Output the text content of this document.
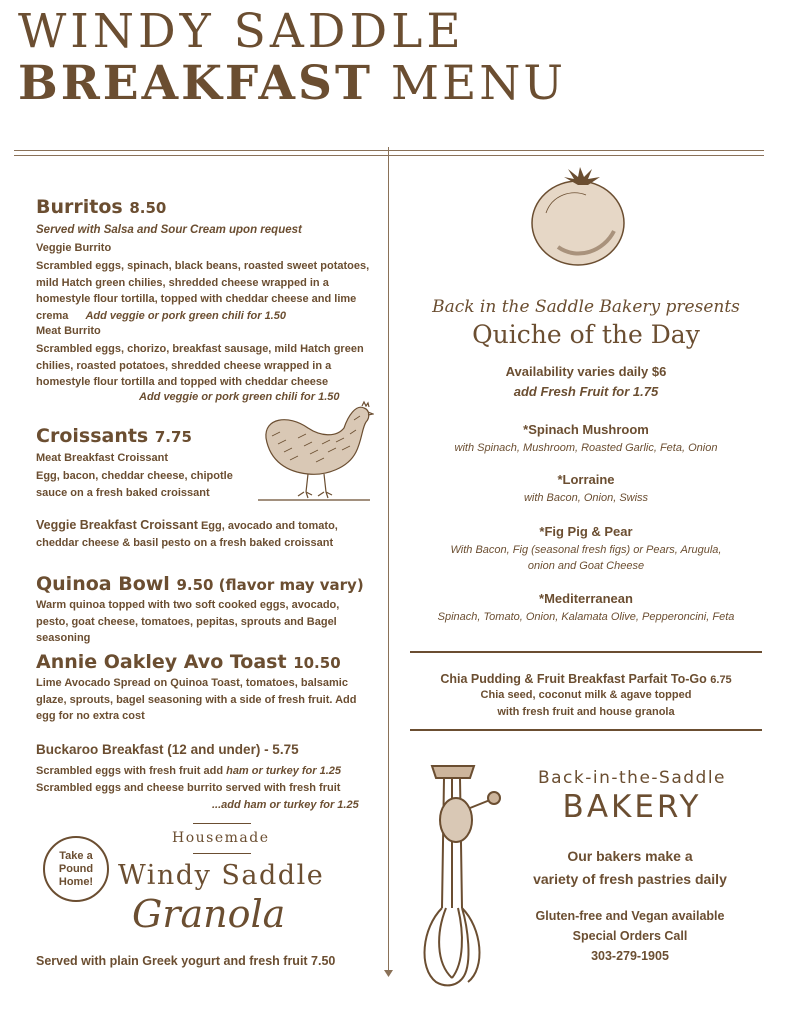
WINDY SADDLE
BREAKFAST MENU
Burritos 8.50
Served with Salsa and Sour Cream upon request
Veggie Burrito
Scrambled eggs, spinach, black beans, roasted sweet potatoes, mild Hatch green chilies, shredded cheese wrapped in a homestyle flour tortilla, topped with cheddar cheese and lime crema Add veggie or pork green chili for 1.50
Meat Burrito
Scrambled eggs, chorizo, breakfast sausage, mild Hatch green chilies, roasted potatoes, shredded cheese wrapped in a homestyle flour tortilla and topped with cheddar cheese
Add veggie or pork green chili for 1.50
Croissants 7.75
Meat Breakfast Croissant
Egg, bacon, cheddar cheese, chipotle sauce on a fresh baked croissant
Veggie Breakfast Croissant Egg, avocado and tomato, cheddar cheese & basil pesto on a fresh baked croissant
Quinoa Bowl 9.50 (flavor may vary)
Warm quinoa topped with two soft cooked eggs, avocado, pesto, goat cheese, tomatoes, pepitas, sprouts and Bagel seasoning
Annie Oakley Avo Toast 10.50
Lime Avocado Spread on Quinoa Toast, tomatoes, balsamic glaze, sprouts, bagel seasoning with a side of fresh fruit. Add egg for no extra cost
Buckaroo Breakfast (12 and under) - 5.75
Scrambled eggs with fresh fruit add ham or turkey for 1.25
Scrambled eggs and cheese burrito served with fresh fruit
...add ham or turkey for 1.25
Take a Pound Home!
Housemade
Windy Saddle
Granola
Served with plain Greek yogurt and fresh fruit 7.50
Back in the Saddle Bakery presents
Quiche of the Day
Availability varies daily $6
add Fresh Fruit for 1.75
*Spinach Mushroom
with Spinach, Mushroom, Roasted Garlic, Feta, Onion
*Lorraine
with Bacon, Onion, Swiss
*Fig Pig & Pear
With Bacon, Fig (seasonal fresh figs) or Pears, Arugula, onion and Goat Cheese
*Mediterranean
Spinach, Tomato, Onion, Kalamata Olive, Pepperoncini, Feta
Chia Pudding & Fruit Breakfast Parfait To-Go 6.75
Chia seed, coconut milk & agave topped
with fresh fruit and house granola
Back-in-the-Saddle
BAKERY
Our bakers make a
variety of fresh pastries daily
Gluten-free and Vegan available
Special Orders Call
303-279-1905
